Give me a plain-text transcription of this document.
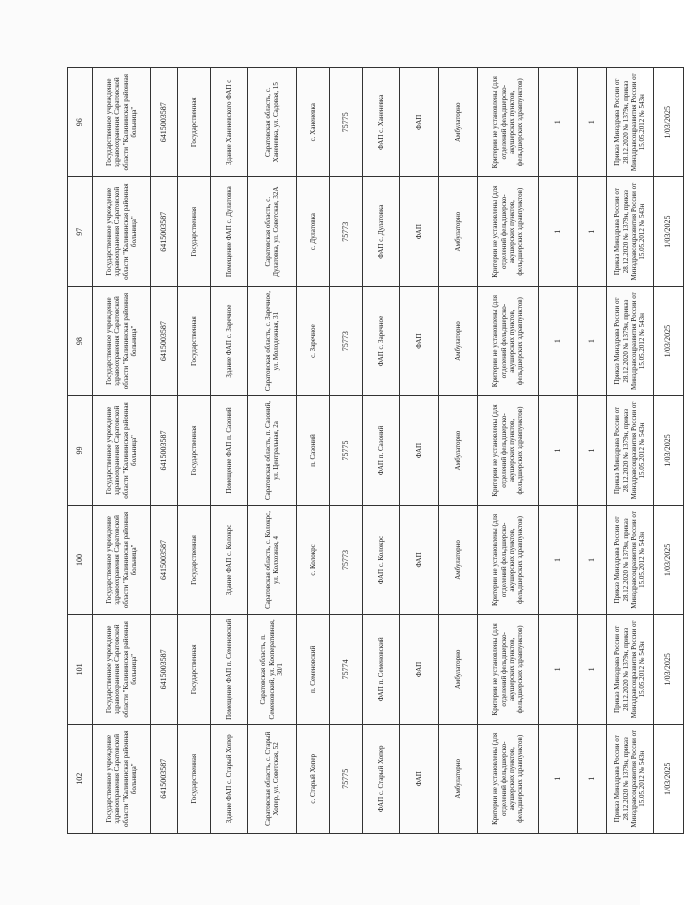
102	101	100	99	98	97	96
Государственное учреждение здравоохранения Саратовской области "Калининская районная больница"	Государственное учреждение здравоохранения Саратовской области "Калининская районная больница"	Государственное учреждение здравоохранения Саратовской области "Калининская районная больница"	Государственное учреждение здравоохранения Саратовской области "Калининская районная больница"	Государственное учреждение здравоохранения Саратовской области "Калининская районная больница"	Государственное учреждение здравоохранения Саратовской области "Калининская районная больница"	Государственное учреждение здравоохранения Саратовской области "Калининская районная больница"
6415003587	6415003587	6415003587	6415003587	6415003587	6415003587	6415003587
Государственная	Государственная	Государственная	Государственная	Государственная	Государственная	Государственная
Здание ФАП с. Старый Хопер	Помещение ФАП п. Семеновский	Здание ФАП с. Колокрс	Помещение ФАП п. Сазоний	Здание ФАП с. Заречное	Помещение ФАП с. Дулатовка	Здание Ханеневского ФАП с
Саратовская область, с. Старый Хопер, ул. Советская, 52	Саратовская область, п. Семеновский, ул. Кооперативная, 30/1	Саратовская область, с. Колокрс, ул. Колхозная, 4	Саратовская область, п. Сазоний, ул. Центральная, 2а	Саратовская область, с. Заречное, ул. Молодежная, 31	Саратовская область, с. Дулатовка, ул. Советская, 32А	Саратовская область, с. Ханеневка, ул. Садовая, 15
с. Старый Хопер	п. Семеновский	с. Колокрс	п. Сазоний	с. Заречное	с. Дулатовка	с. Ханеневка
75775	75774	75773	75775	75773	75773	75775
ФАП с. Старый Хопер	ФАП п. Семеновский	ФАП с. Колокрс	ФАП п. Сазоний	ФАП с. Заречное	ФАП с. Дулатовка	ФАП с. Ханеневка
ФАП	ФАП	ФАП	ФАП	ФАП	ФАП	ФАП
Амбулаторно	Амбулаторно	Амбулаторно	Амбулаторно	Амбулаторно	Амбулаторно	Амбулаторно
Критерии не установлены (для отделений фельдшерско-акушерских пунктов, фельдшерских здравпунктов)	Критерии не установлены (для отделений фельдшерско-акушерских пунктов, фельдшерских здравпунктов)	Критерии не установлены (для отделений фельдшерско-акушерских пунктов, фельдшерских здравпунктов)	Критерии не установлены (для отделений фельдшерско-акушерских пунктов, фельдшерских здравпунктов)	Критерии не установлены (для отделений фельдшерско-акушерских пунктов, фельдшерских здравпунктов)	Критерии не установлены (для отделений фельдшерско-акушерских пунктов, фельдшерских здравпунктов)	Критерии не установлены (для отделений фельдшерско-акушерских пунктов, фельдшерских здравпунктов)
1	1	1	1	1	1	1
1	1	1	1	1	1	1
Приказ Минздрава России от 28.12.2020 № 1379н, приказ Минздравсоцразвития России от 15.05.2012 № 543н	Приказ Минздрава России от 28.12.2020 № 1379н, приказ Минздравсоцразвития России от 15.05.2012 № 543н	Приказ Минздрава России от 28.12.2020 № 1379н, приказ Минздравсоцразвития России от 15.05.2012 № 543н	Приказ Минздрава России от 28.12.2020 № 1379н, приказ Минздравсоцразвития России от 15.05.2012 № 543н	Приказ Минздрава России от 28.12.2020 № 1379н, приказ Минздравсоцразвития России от 15.05.2012 № 543н	Приказ Минздрава России от 28.12.2020 № 1379н, приказ Минздравсоцразвития России от 15.05.2012 № 543н	Приказ Минздрава России от 28.12.2020 № 1379н, приказ Минздравсоцразвития России от 15.05.2012 № 543н
1/03/2025	1/03/2025	1/03/2025	1/03/2025	1/03/2025	1/03/2025	1/03/2025
